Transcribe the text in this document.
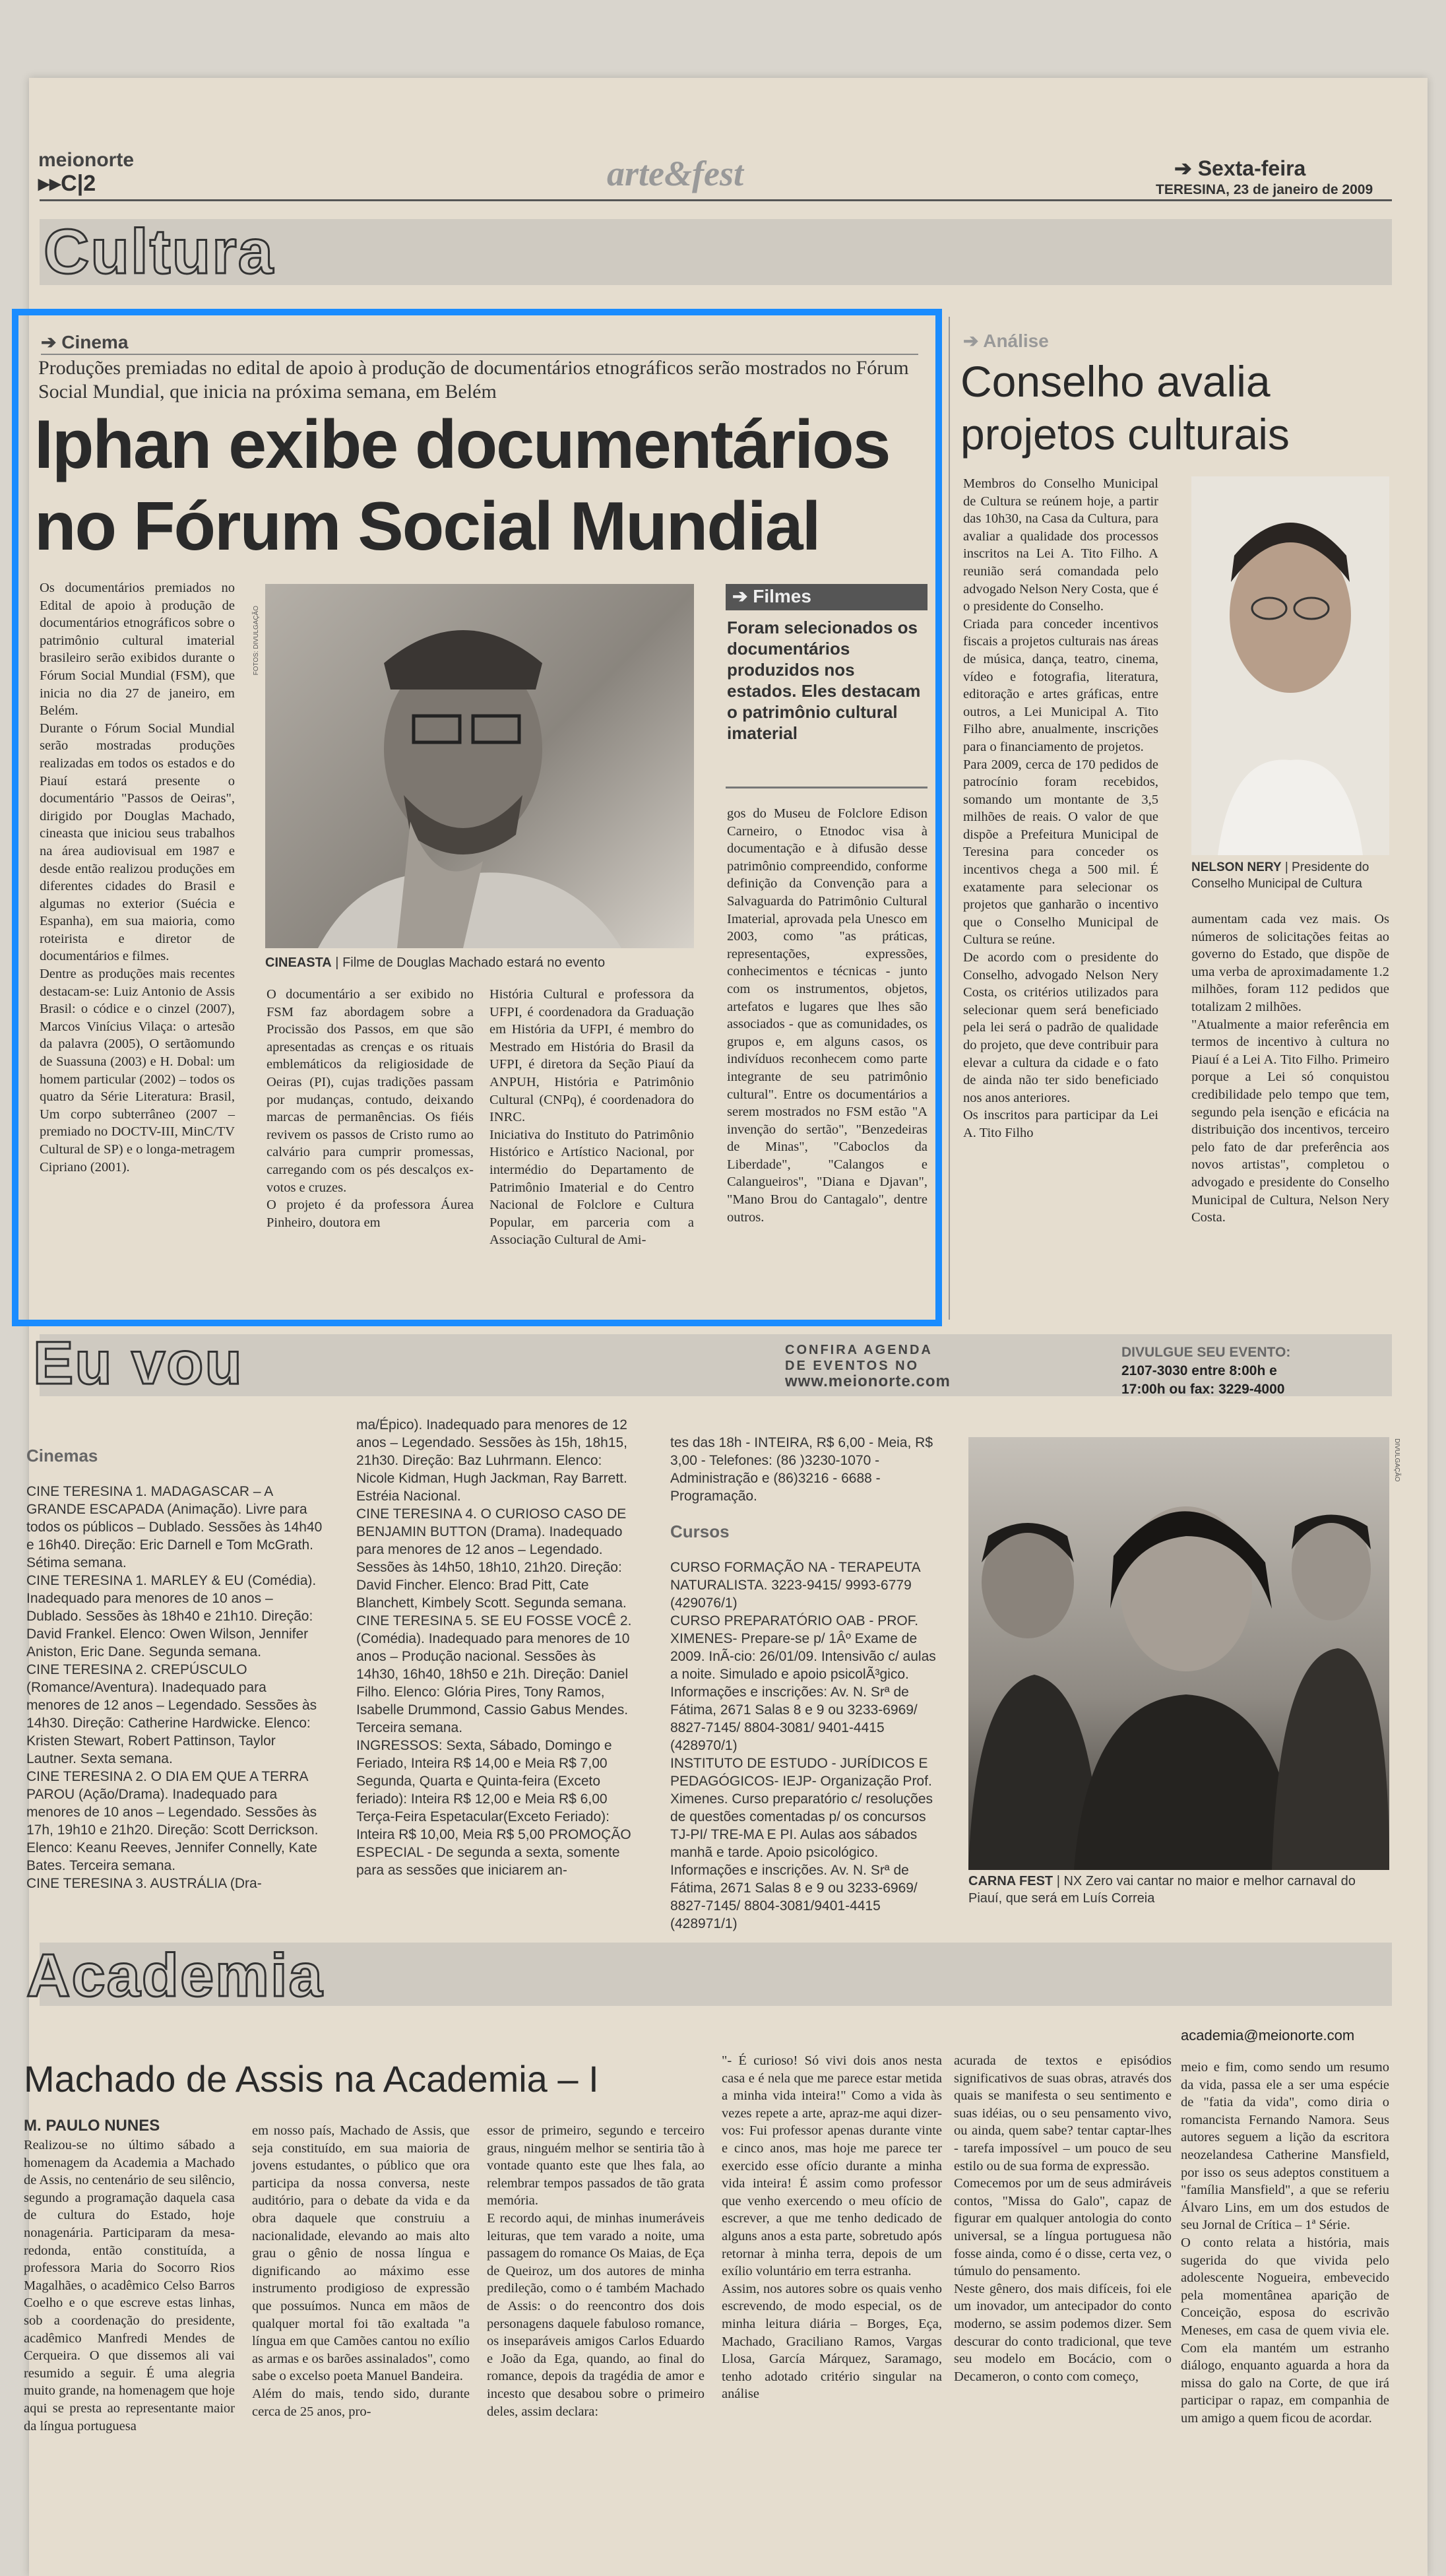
meionorte
▸▸C|2	arte&fest	➔ Sexta-feira
TERESINA, 23 de janeiro de 2009
Cultura
➔ Cinema
Produções premiadas no edital de apoio à produção de documentários etnográficos serão mostrados no Fórum Social Mundial, que inicia na próxima semana, em Belém
Iphan exibe documentários
no Fórum Social Mundial
Os documentários premiados no Edital de apoio à produção de documentários etnográficos sobre o patrimônio cultural imaterial brasileiro serão exibidos durante o Fórum Social Mundial (FSM), que inicia no dia 27 de janeiro, em Belém.
Durante o Fórum Social Mundial serão mostradas produções realizadas em todos os estados e do Piauí estará presente o documentário "Passos de Oeiras", dirigido por Douglas Machado, cineasta que iniciou seus trabalhos na área audiovisual em 1987 e desde então realizou produções em diferentes cidades do Brasil e algumas no exterior (Suécia e Espanha), em sua maioria, como roteirista e diretor de documentários e filmes.
Dentre as produções mais recentes destacam-se: Luiz Antonio de Assis Brasil: o códice e o cinzel (2007), Marcos Vinícius Vilaça: o artesão da palavra (2005), O sertãomundo de Suassuna (2003) e H. Dobal: um homem particular (2002) – todos os quatro da Série Literatura: Brasil, Um corpo subterrâneo (2007 – premiado no DOCTV-III, MinC/TV Cultural de SP) e o longa-metragem Cipriano (2001).
FOTOS: DIVULGAÇÃO
CINEASTA | Filme de Douglas Machado estará no evento
O documentário a ser exibido no FSM faz abordagem sobre a Procissão dos Passos, em que são apresentadas as crenças e os rituais emblemáticos da religiosidade de Oeiras (PI), cujas tradições passam por mudanças, contudo, deixando marcas de permanências. Os fiéis revivem os passos de Cristo rumo ao calvário para cumprir promessas, carregando com os pés descalços ex-votos e cruzes.
O projeto é da professora Áurea Pinheiro, doutora em
História Cultural e professora da UFPI, é coordenadora da Graduação em História da UFPI, é membro do Mestrado em História do Brasil da UFPI, é diretora da Seção Piauí da ANPUH, História e Patrimônio Cultural (CNPq), é coordenadora do INRC.
Iniciativa do Instituto do Patrimônio Histórico e Artístico Nacional, por intermédio do Departamento de Patrimônio Imaterial e do Centro Nacional de Folclore e Cultura Popular, em parceria com a Associação Cultural de Ami-
➔ Filmes
Foram selecionados os documentários produzidos nos estados. Eles destacam o patrimônio cultural imaterial
gos do Museu de Folclore Edison Carneiro, o Etnodoc visa à documentação e à difusão desse patrimônio compreendido, conforme definição da Convenção para a Salvaguarda do Patrimônio Cultural Imaterial, aprovada pela Unesco em 2003, como "as práticas, representações, expressões, conhecimentos e técnicas - junto com os instrumentos, objetos, artefatos e lugares que lhes são associados - que as comunidades, os grupos e, em alguns casos, os indivíduos reconhecem como parte integrante de seu patrimônio cultural". Entre os documentários a serem mostrados no FSM estão "A invenção do sertão", "Benzedeiras de Minas", "Caboclos da Liberdade", "Calangos e Calangueiros", "Diana e Djavan", "Mano Brou do Cantagalo", dentre outros.
➔ Análise
Conselho avalia
projetos culturais
Membros do Conselho Municipal de Cultura se reúnem hoje, a partir das 10h30, na Casa da Cultura, para avaliar a qualidade dos processos inscritos na Lei A. Tito Filho. A reunião será comandada pelo advogado Nelson Nery Costa, que é o presidente do Conselho.
Criada para conceder incentivos fiscais a projetos culturais nas áreas de música, dança, teatro, cinema, vídeo e fotografia, literatura, editoração e artes gráficas, entre outros, a Lei Municipal A. Tito Filho abre, anualmente, inscrições para o financiamento de projetos.
Para 2009, cerca de 170 pedidos de patrocínio foram recebidos, somando um montante de 3,5 milhões de reais. O valor de que dispõe a Prefeitura Municipal de Teresina para conceder os incentivos chega a 500 mil. É exatamente para selecionar os projetos que ganharão o incentivo que o Conselho Municipal de Cultura se reúne.
De acordo com o presidente do Conselho, advogado Nelson Nery Costa, os critérios utilizados para selecionar quem será beneficiado pela lei será o padrão de qualidade do projeto, que deve contribuir para elevar a cultura da cidade e o fato de ainda não ter sido beneficiado nos anos anteriores.
Os inscritos para participar da Lei A. Tito Filho
NELSON NERY | Presidente do Conselho Municipal de Cultura
aumentam cada vez mais. Os números de solicitações feitas ao governo do Estado, que dispõe de uma verba de aproximadamente 1.2 milhões, foram 112 pedidos que totalizam 2 milhões.
"Atualmente a maior referência em termos de incentivo à cultura no Piauí é a Lei A. Tito Filho. Primeiro porque a Lei só conquistou credibilidade pelo tempo que tem, segundo pela isenção e eficácia na distribuição dos incentivos, terceiro pelo fato de dar preferência aos novos artistas", completou o advogado e presidente do Conselho Municipal de Cultura, Nelson Nery Costa.
Eu vou	CONFIRA AGENDA
DE EVENTOS NO
www.meionorte.com
DIVULGUE SEU EVENTO:
2107-3030 entre 8:00h e
17:00h ou fax: 3229-4000

Cinemas

CINE TERESINA 1. MADAGASCAR – A GRANDE ESCAPADA (Animação). Livre para todos os públicos – Dublado. Sessões às 14h40 e 16h40. Direção: Eric Darnell e Tom McGrath. Sétima semana.
CINE TERESINA 1. MARLEY & EU (Comédia). Inadequado para menores de 10 anos – Dublado. Sessões às 18h40 e 21h10. Direção: David Frankel. Elenco: Owen Wilson, Jennifer Aniston, Eric Dane. Segunda semana.
CINE TERESINA 2. CREPÚSCULO (Romance/Aventura). Inadequado para menores de 12 anos – Legendado. Sessões às 14h30. Direção: Catherine Hardwicke. Elenco: Kristen Stewart, Robert Pattinson, Taylor Lautner. Sexta semana.
CINE TERESINA 2. O DIA EM QUE A TERRA PAROU (Ação/Drama). Inadequado para menores de 10 anos – Legendado. Sessões às 17h, 19h10 e 21h20. Direção: Scott Derrickson. Elenco: Keanu Reeves, Jennifer Connelly, Kate Bates. Terceira semana.
CINE TERESINA 3. AUSTRÁLIA (Dra-

ma/Épico). Inadequado para menores de 12 anos – Legendado. Sessões às 15h, 18h15, 21h30. Direção: Baz Luhrmann. Elenco: Nicole Kidman, Hugh Jackman, Ray Barrett. Estréia Nacional.
CINE TERESINA 4. O CURIOSO CASO DE BENJAMIN BUTTON (Drama). Inadequado para menores de 12 anos – Legendado. Sessões às 14h50, 18h10, 21h20. Direção: David Fincher. Elenco: Brad Pitt, Cate Blanchett, Kimbely Scott. Segunda semana.
CINE TERESINA 5. SE EU FOSSE VOCÊ 2. (Comédia). Inadequado para menores de 10 anos – Produção nacional. Sessões às 14h30, 16h40, 18h50 e 21h. Direção: Daniel Filho. Elenco: Glória Pires, Tony Ramos, Isabelle Drummond, Cassio Gabus Mendes. Terceira semana.
INGRESSOS: Sexta, Sábado, Domingo e Feriado, Inteira R$ 14,00 e Meia R$ 7,00 Segunda, Quarta e Quinta-feira (Exceto feriado): Inteira R$ 12,00 e Meia R$ 6,00 Terça-Feira Espetacular(Exceto Feriado): Inteira R$ 10,00, Meia R$ 5,00 PROMOÇÃO ESPECIAL - De segunda a sexta, somente para as sessões que iniciarem an-

tes das 18h - INTEIRA, R$ 6,00 - Meia, R$ 3,00 - Telefones: (86 )3230-1070 - Administração e (86)3216 - 6688 - Programação.

Cursos

CURSO FORMAÇÃO NA - TERAPEUTA NATURALISTA. 3223-9415/ 9993-6779 (429076/1)
CURSO PREPARATÓRIO OAB - PROF. XIMENES- Prepare-se p/ 1Âº Exame de 2009. InÃ-cio: 26/01/09. Intensivão c/ aulas a noite. Simulado e apoio psicolÃ³gico. Informações e inscrições: Av. N. Srª de Fátima, 2671 Salas 8 e 9 ou 3233-6969/ 8827-7145/ 8804-3081/ 9401-4415 (428970/1)
INSTITUTO DE ESTUDO - JURÍDICOS E PEDAGÓGICOS- IEJP- Organização Prof. Ximenes. Curso preparatório c/ resoluções de questões comentadas p/ os concursos TJ-PI/ TRE-MA E PI. Aulas aos sábados manhã e tarde. Apoio psicológico. Informações e inscrições. Av. N. Srª de Fátima, 2671 Salas 8 e 9 ou 3233-6969/ 8827-7145/ 8804-3081/9401-4415 (428971/1)

DIVULGAÇÃO
CARNA FEST | NX Zero vai cantar no maior e melhor carnaval do Piauí, que será em Luís Correia
Academia
academia@meionorte.com
Machado de Assis na Academia – I
M. PAULO NUNES
Realizou-se no último sábado a homenagem da Academia a Machado de Assis, no centenário de seu silêncio, segundo a programação daquela casa de cultura do Estado, hoje nonagenária. Participaram da mesa-redonda, então constituída, a professora Maria do Socorro Rios Magalhães, o acadêmico Celso Barros Coelho e o que escreve estas linhas, sob a coordenação do presidente, acadêmico Manfredi Mendes de Cerqueira. O que dissemos ali vai resumido a seguir. É uma alegria muito grande, na homenagem que hoje aqui se presta ao representante maior da língua portuguesa
em nosso país, Machado de Assis, que seja constituído, em sua maioria de jovens estudantes, o público que ora participa da nossa conversa, neste auditório, para o debate da vida e da obra daquele que construiu a nacionalidade, elevando ao mais alto grau o gênio de nossa língua e dignificando ao máximo esse instrumento prodigioso de expressão que possuímos. Nunca em mãos de qualquer mortal foi tão exaltada "a língua em que Camões cantou no exílio as armas e os barões assinalados", como sabe o excelso poeta Manuel Bandeira.
Além do mais, tendo sido, durante cerca de 25 anos, pro-
essor de primeiro, segundo e terceiro graus, ninguém melhor se sentiria tão à vontade quanto este que lhes fala, ao relembrar tempos passados de tão grata memória.
E recordo aqui, de minhas inumeráveis leituras, que tem varado a noite, uma passagem do romance Os Maias, de Eça de Queiroz, um dos autores de minha predileção, como o é também Machado de Assis: o do reencontro dos dois personagens daquele fabuloso romance, os inseparáveis amigos Carlos Eduardo e João da Ega, quando, ao final do romance, depois da tragédia de amor e incesto que desabou sobre o primeiro deles, assim declara:
"- É curioso! Só vivi dois anos nesta casa e é nela que me parece estar metida a minha vida inteira!" Como a vida às vezes repete a arte, apraz-me aqui dizer-vos: Fui professor apenas durante vinte e cinco anos, mas hoje me parece ter exercido esse ofício durante a minha vida inteira! É assim como professor que venho exercendo o meu ofício de escrever, a que me tenho dedicado de alguns anos a esta parte, sobretudo após retornar à minha terra, depois de um exílio voluntário em terra estranha.
Assim, nos autores sobre os quais venho escrevendo, de modo especial, os de minha leitura diária – Borges, Eça, Machado, Graciliano Ramos, Vargas Llosa, García Márquez, Saramago, tenho adotado critério singular na análise
acurada de textos e episódios significativos de suas obras, através dos quais se manifesta o seu sentimento e suas idéias, ou o seu pensamento vivo, ou ainda, quem sabe? tentar captar-lhes - tarefa impossível – um pouco de seu estilo ou de sua forma de expressão.
Comecemos por um de seus admiráveis contos, "Missa do Galo", capaz de figurar em qualquer antologia do conto universal, se a língua portuguesa não fosse ainda, como é o disse, certa vez, o túmulo do pensamento.
Neste gênero, dos mais difíceis, foi ele um inovador, um antecipador do conto moderno, se assim podemos dizer. Sem descurar do conto tradicional, que teve seu modelo em Bocácio, com o Decameron, o conto com começo,
meio e fim, como sendo um resumo da vida, passa ele a ser uma espécie de "fatia da vida", como diria o romancista Fernando Namora. Seus autores seguem a lição da escritora neozelandesa Catherine Mansfield, por isso os seus adeptos constituem a "família Mansfield", a que se referiu Álvaro Lins, em um dos estudos de seu Jornal de Crítica – 1ª Série.
O conto relata a história, mais sugerida do que vivida pelo adolescente Nogueira, embevecido pela momentânea aparição de Conceição, esposa do escrivão Meneses, em casa de quem vivia ele. Com ela mantém um estranho diálogo, enquanto aguarda a hora da missa do galo na Corte, de que irá participar o rapaz, em companhia de um amigo a quem ficou de acordar.
